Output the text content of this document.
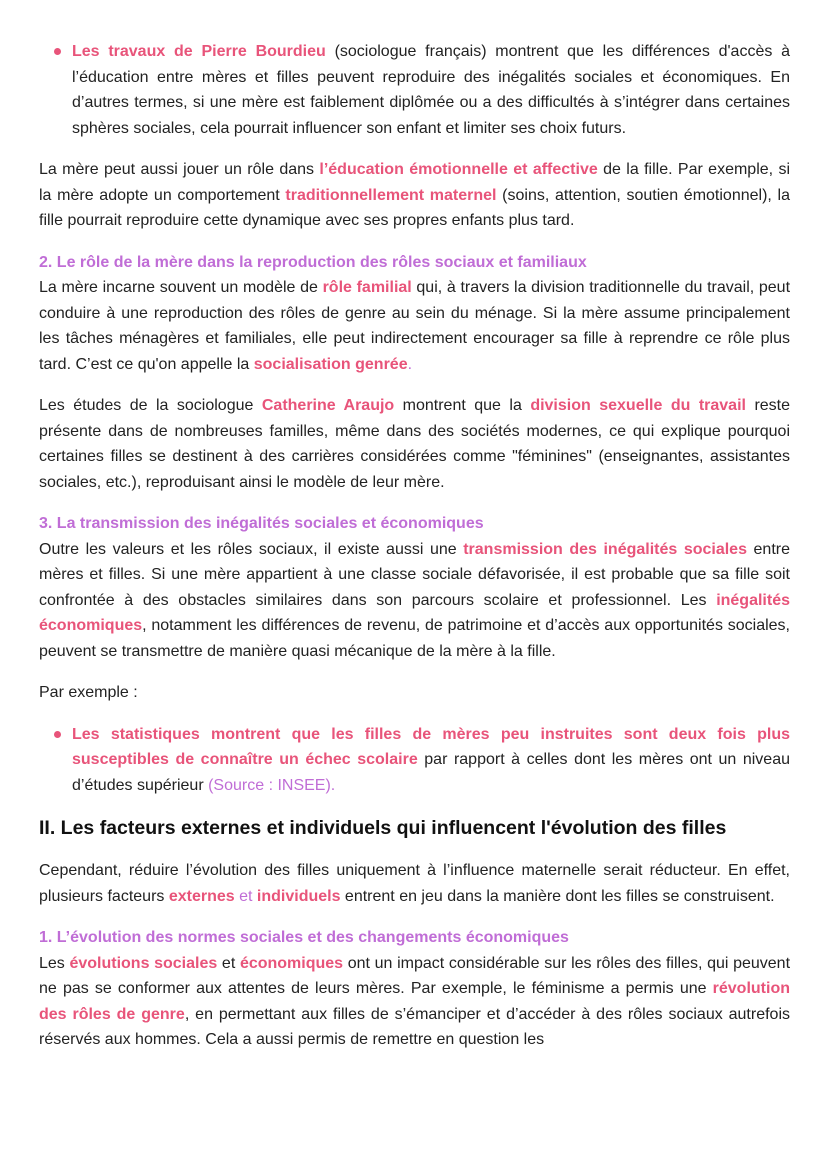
Les travaux de Pierre Bourdieu (sociologue français) montrent que les différences d'accès à l’éducation entre mères et filles peuvent reproduire des inégalités sociales et économiques. En d’autres termes, si une mère est faiblement diplômée ou a des difficultés à s’intégrer dans certaines sphères sociales, cela pourrait influencer son enfant et limiter ses choix futurs.

La mère peut aussi jouer un rôle dans l’éducation émotionnelle et affective de la fille. Par exemple, si la mère adopte un comportement traditionnellement maternel (soins, attention, soutien émotionnel), la fille pourrait reproduire cette dynamique avec ses propres enfants plus tard.

2. Le rôle de la mère dans la reproduction des rôles sociaux et familiaux

La mère incarne souvent un modèle de rôle familial qui, à travers la division traditionnelle du travail, peut conduire à une reproduction des rôles de genre au sein du ménage. Si la mère assume principalement les tâches ménagères et familiales, elle peut indirectement encourager sa fille à reprendre ce rôle plus tard. C’est ce qu'on appelle la socialisation genrée.

Les études de la sociologue Catherine Araujo montrent que la division sexuelle du travail reste présente dans de nombreuses familles, même dans des sociétés modernes, ce qui explique pourquoi certaines filles se destinent à des carrières considérées comme "féminines" (enseignantes, assistantes sociales, etc.), reproduisant ainsi le modèle de leur mère.

3. La transmission des inégalités sociales et économiques

Outre les valeurs et les rôles sociaux, il existe aussi une transmission des inégalités sociales entre mères et filles. Si une mère appartient à une classe sociale défavorisée, il est probable que sa fille soit confrontée à des obstacles similaires dans son parcours scolaire et professionnel. Les inégalités économiques, notamment les différences de revenu, de patrimoine et d’accès aux opportunités sociales, peuvent se transmettre de manière quasi mécanique de la mère à la fille.

Par exemple :

Les statistiques montrent que les filles de mères peu instruites sont deux fois plus susceptibles de connaître un échec scolaire par rapport à celles dont les mères ont un niveau d’études supérieur (Source : INSEE).
II. Les facteurs externes et individuels qui influencent l'évolution des filles

Cependant, réduire l’évolution des filles uniquement à l’influence maternelle serait réducteur. En effet, plusieurs facteurs externes et individuels entrent en jeu dans la manière dont les filles se construisent.

1. L’évolution des normes sociales et des changements économiques

Les évolutions sociales et économiques ont un impact considérable sur les rôles des filles, qui peuvent ne pas se conformer aux attentes de leurs mères. Par exemple, le féminisme a permis une révolution des rôles de genre, en permettant aux filles de s’émanciper et d’accéder à des rôles sociaux autrefois réservés aux hommes. Cela a aussi permis de remettre en question les
